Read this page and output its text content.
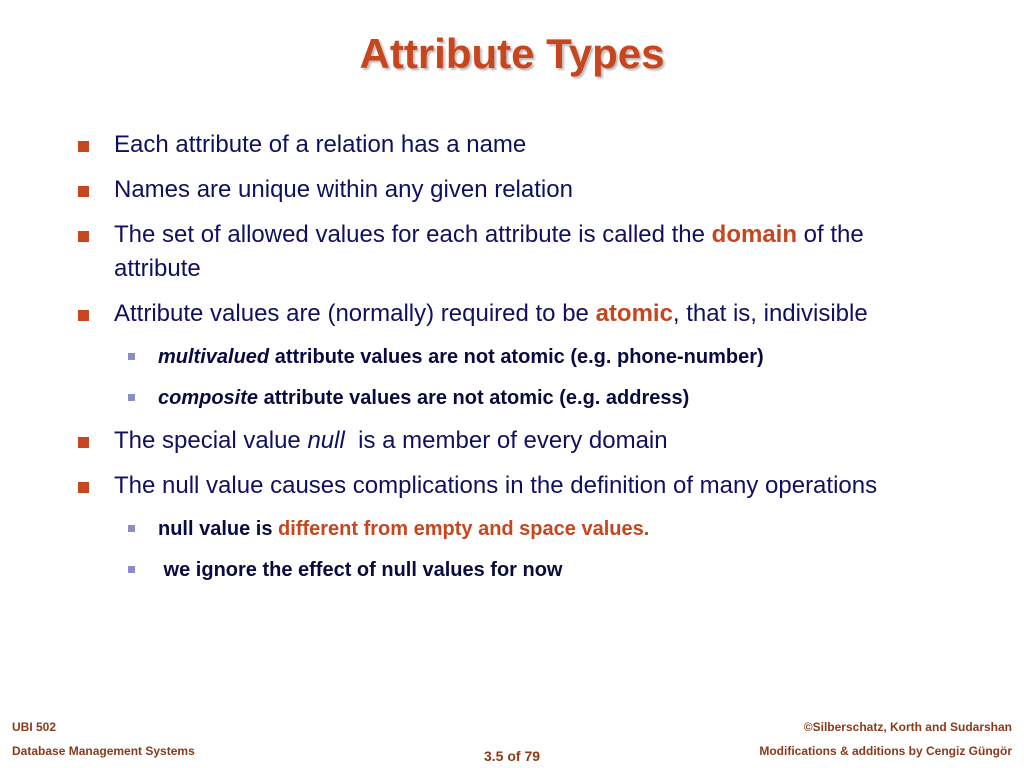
Attribute Types
Each attribute of a relation has a name
Names are unique within any given relation
The set of allowed values for each attribute is called the domain of the attribute
Attribute values are (normally) required to be atomic, that is, indivisible
multivalued attribute values are not atomic (e.g. phone-number)
composite attribute values are not atomic (e.g. address)
The special value null  is a member of every domain
The null value causes complications in the definition of many operations
null value is different from empty and space values.
we ignore the effect of null values for now
UBI 502
Database Management Systems	3.5 of 79
©Silberschatz, Korth and Sudarshan
Modifications & additions by Cengiz Güngör
